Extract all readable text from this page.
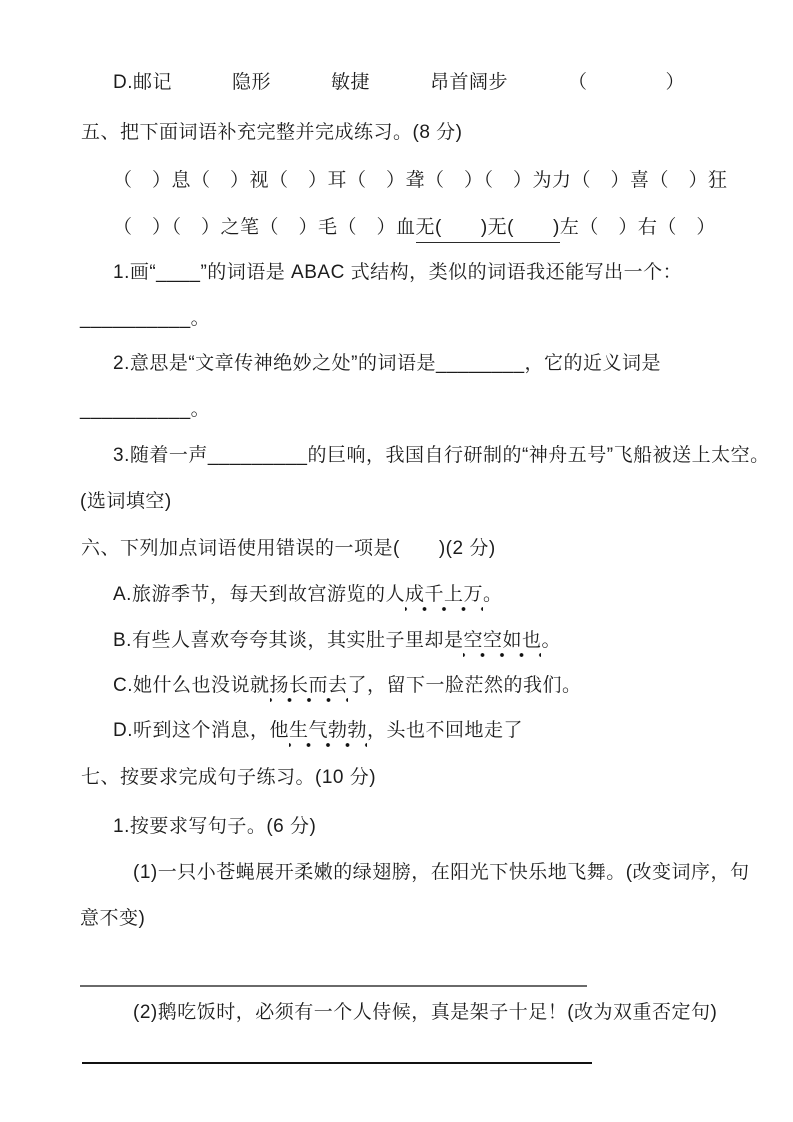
D.邮记	隐形	敏捷	昂首阔步	（　　　　）
五、把下面词语补充完整并完成练习。(8 分)
（　）息（　）视 （　）耳（　）聋 （　）（　）为力 （　）喜（　）狂
（　）（　）之笔 （　）毛（　）血 无(　　)无(　　) 左（　）右（　）
1.画“____”的词语是 ABAC 式结构，类似的词语我还能写出一个：
__________。
2.意思是“文章传神绝妙之处”的词语是________，它的近义词是
__________。
3.随着一声_________的巨响，我国自行研制的“神舟五号”飞船被送上太空。
(选词填空)
六、下列加点词语使用错误的一项是(　　)(2 分)
A.旅游季节，每天到故宫游览的人成千上万。
B.有些人喜欢夸夸其谈，其实肚子里却是空空如也。
C.她什么也没说就扬长而去了，留下一脸茫然的我们。
D.听到这个消息，他生气勃勃，头也不回地走了
七、按要求完成句子练习。(10 分)
1.按要求写句子。(6 分)
(1)一只小苍蝇展开柔嫩的绿翅膀，在阳光下快乐地飞舞。(改变词序，句
意不变)
(2)鹅吃饭时，必须有一个人侍候，真是架子十足！(改为双重否定句)
